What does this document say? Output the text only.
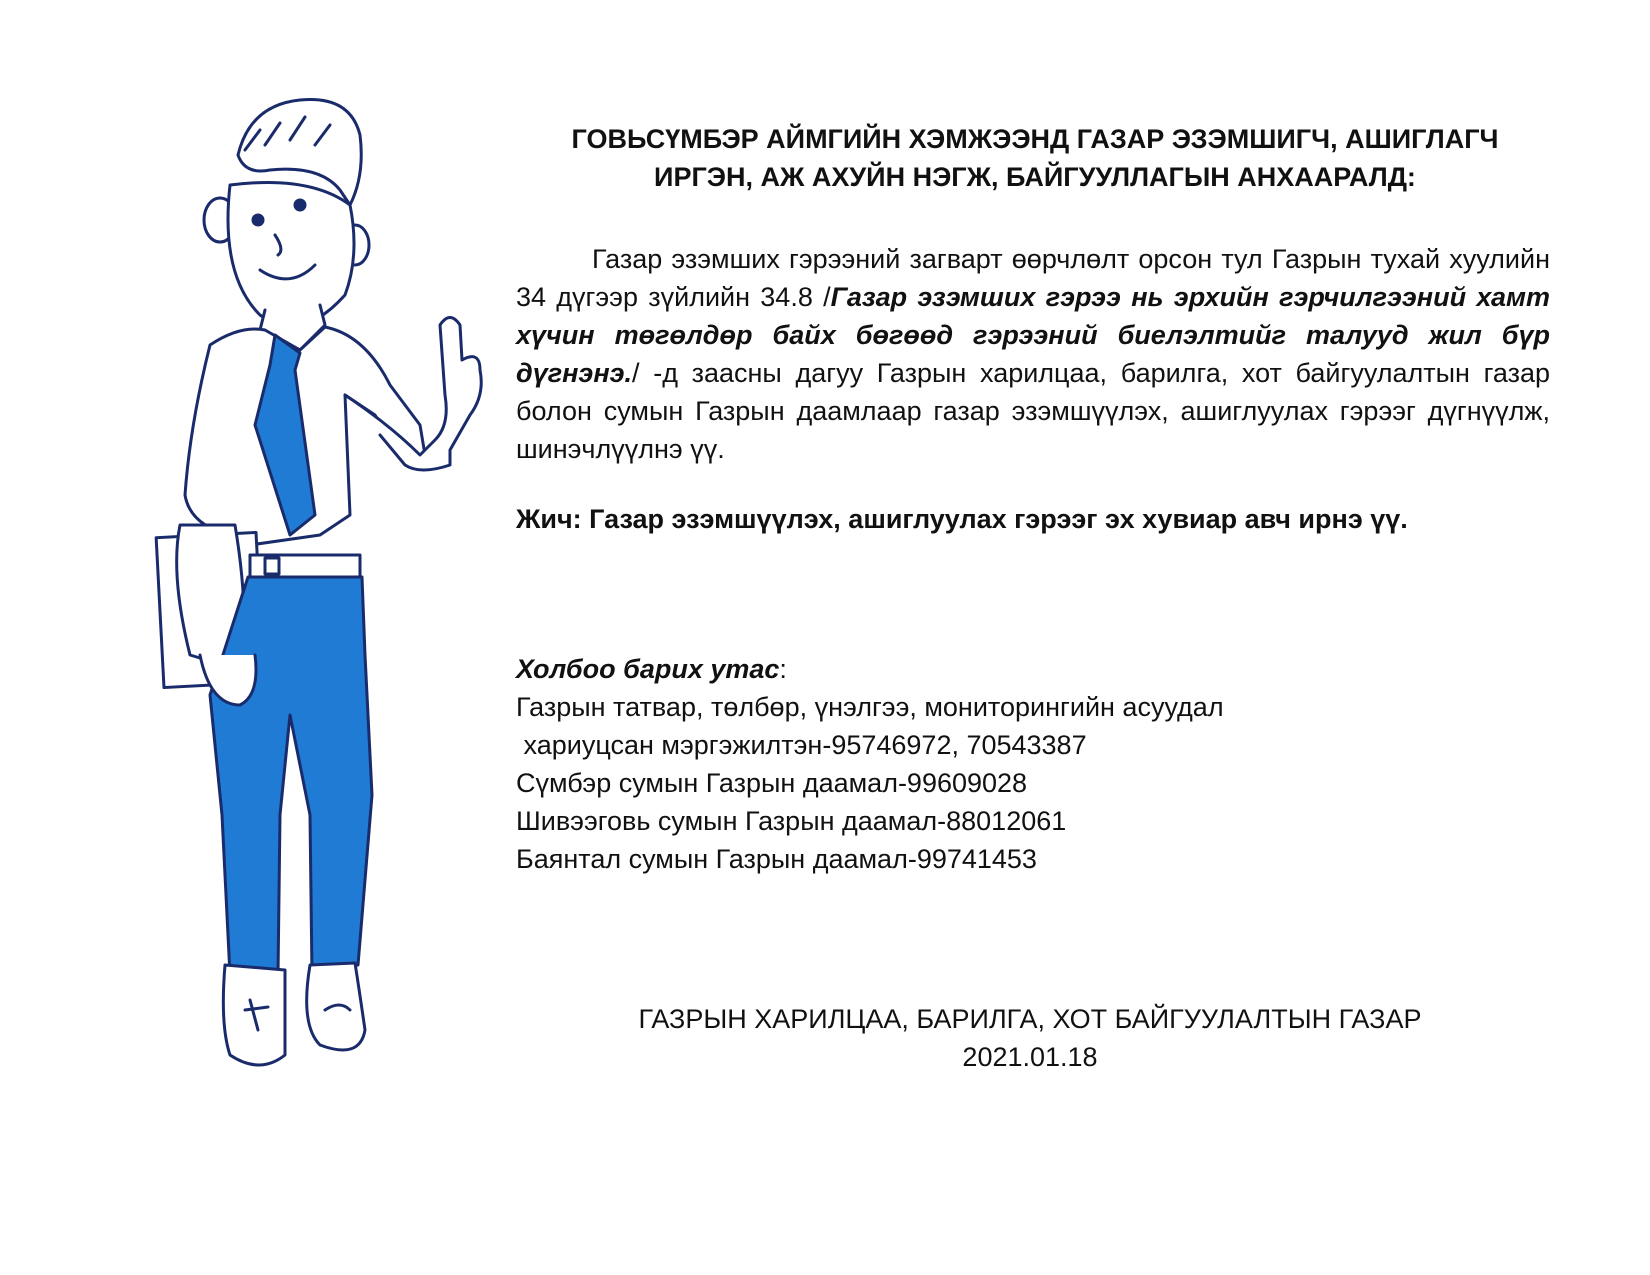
ГОВЬСҮМБЭР АЙМГИЙН ХЭМЖЭЭНД ГАЗАР ЭЗЭМШИГЧ, АШИГЛАГЧ
ИРГЭН, АЖ АХУЙН НЭГЖ, БАЙГУУЛЛАГЫН АНХААРАЛД:

Газар эзэмших гэрээний загварт өөрчлөлт орсон тул Газрын тухай хуулийн 34 дүгээр зүйлийн 34.8 /Газар эзэмших гэрээ нь эрхийн гэрчилгээний хамт хүчин төгөлдөр байх бөгөөд гэрээний биелэлтийг талууд жил бүр дүгнэнэ./ -д заасны дагуу Газрын харилцаа, барилга, хот байгуулалтын газар болон сумын Газрын даамлаар газар эзэмшүүлэх, ашиглуулах гэрээг дүгнүүлж, шинэчлүүлнэ үү.

Жич: Газар эзэмшүүлэх, ашиглуулах гэрээг эх хувиар авч ирнэ үү.

Холбоо барих утас:
Газрын татвар, төлбөр, үнэлгээ, мониторингийн асуудал
хариуцсан мэргэжилтэн-95746972, 70543387
Сүмбэр сумын Газрын даамал-99609028
Шивээговь сумын Газрын даамал-88012061
Баянтал сумын Газрын даамал-99741453
ГАЗРЫН ХАРИЛЦАА, БАРИЛГА, ХОТ БАЙГУУЛАЛТЫН ГАЗАР
2021.01.18
